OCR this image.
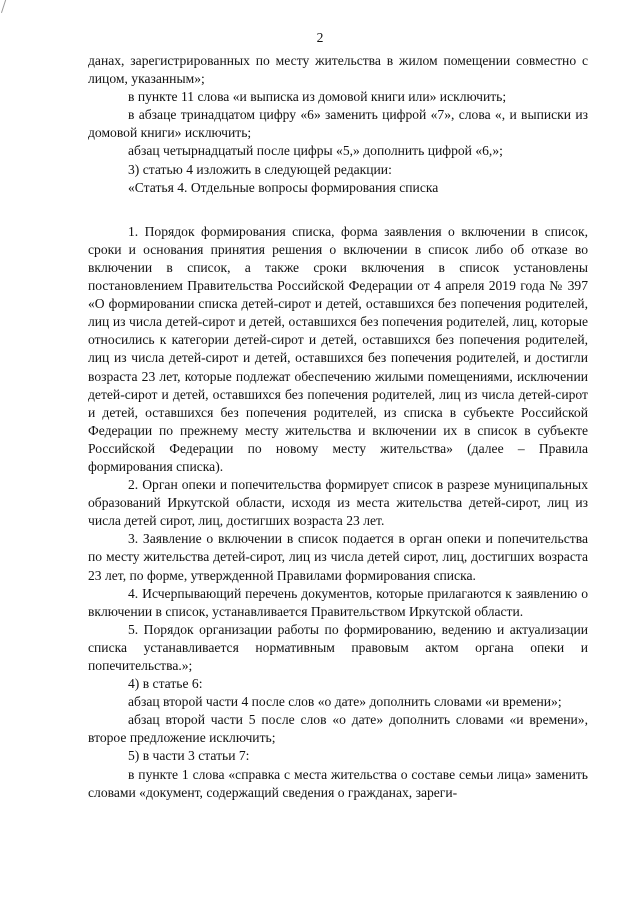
2

данах, зарегистрированных по месту жительства в жилом помещении совместно с лицом, указанным»;

в пункте 11 слова «и выписка из домовой книги или» исключить;

в абзаце тринадцатом цифру «6» заменить цифрой «7», слова «, и выписки из домовой книги» исключить;

абзац четырнадцатый после цифры «5,» дополнить цифрой «6,»;

3) статью 4 изложить в следующей редакции:

«Статья 4. Отдельные вопросы формирования списка

1. Порядок формирования списка, форма заявления о включении в список, сроки и основания принятия решения о включении в список либо об отказе во включении в список, а также сроки включения в список установлены постановлением Правительства Российской Федерации от 4 апреля 2019 года № 397 «О формировании списка детей-сирот и детей, оставшихся без попечения родителей, лиц из числа детей-сирот и детей, оставшихся без попечения родителей, лиц, которые относились к категории детей-сирот и детей, оставшихся без попечения родителей, лиц из числа детей-сирот и детей, оставшихся без попечения родителей, и достигли возраста 23 лет, которые подлежат обеспечению жилыми помещениями, исключении детей-сирот и детей, оставшихся без попечения родителей, лиц из числа детей-сирот и детей, оставшихся без попечения родителей, из списка в субъекте Российской Федерации по прежнему месту жительства и включении их в список в субъекте Российской Федерации по новому месту жительства» (далее – Правила формирования списка).

2. Орган опеки и попечительства формирует список в разрезе муниципальных образований Иркутской области, исходя из места жительства детей-сирот, лиц из числа детей сирот, лиц, достигших возраста 23 лет.

3. Заявление о включении в список подается в орган опеки и попечительства по месту жительства детей-сирот, лиц из числа детей сирот, лиц, достигших возраста 23 лет, по форме, утвержденной Правилами формирования списка.

4. Исчерпывающий перечень документов, которые прилагаются к заявлению о включении в список, устанавливается Правительством Иркутской области.

5. Порядок организации работы по формированию, ведению и актуализации списка устанавливается нормативным правовым актом органа опеки и попечительства.»;

4) в статье 6:

абзац второй части 4 после слов «о дате» дополнить словами «и времени»;

абзац второй части 5 после слов «о дате» дополнить словами «и времени», второе предложение исключить;

5) в части 3 статьи 7:

в пункте 1 слова «справка с места жительства о составе семьи лица» заменить словами «документ, содержащий сведения о гражданах, зареги-
